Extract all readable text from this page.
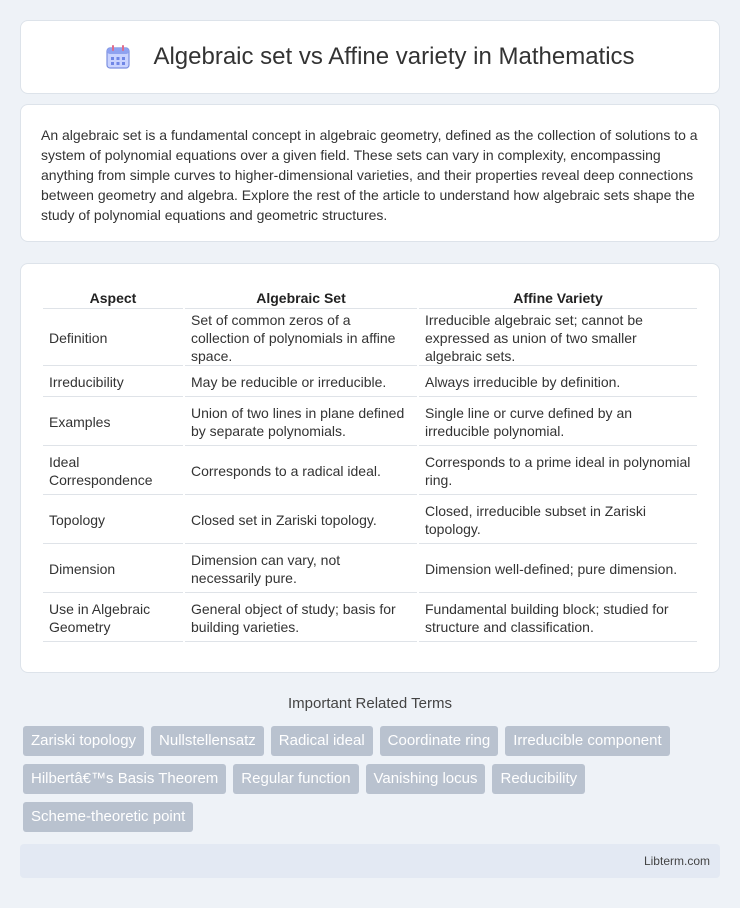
Algebraic set vs Affine variety in Mathematics

An algebraic set is a fundamental concept in algebraic geometry, defined as the collection of solutions to a system of polynomial equations over a given field. These sets can vary in complexity, encompassing anything from simple curves to higher-dimensional varieties, and their properties reveal deep connections between geometry and algebra. Explore the rest of the article to understand how algebraic sets shape the study of polynomial equations and geometric structures.

Aspect	Algebraic Set	Affine Variety
Definition	Set of common zeros of a collection of polynomials in affine space.	Irreducible algebraic set; cannot be expressed as union of two smaller algebraic sets.
Irreducibility	May be reducible or irreducible.	Always irreducible by definition.
Examples	Union of two lines in plane defined by separate polynomials.	Single line or curve defined by an irreducible polynomial.
Ideal Correspondence	Corresponds to a radical ideal.	Corresponds to a prime ideal in polynomial ring.
Topology	Closed set in Zariski topology.	Closed, irreducible subset in Zariski topology.
Dimension	Dimension can vary, not necessarily pure.	Dimension well-defined; pure dimension.
Use in Algebraic Geometry	General object of study; basis for building varieties.	Fundamental building block; studied for structure and classification.
Important Related Terms
Zariski topology	Nullstellensatz	Radical ideal	Coordinate ring	Irreducible component
Hilbertâ€™s Basis Theorem	Regular function	Vanishing locus	Reducibility
Scheme-theoretic point
Libterm.com
